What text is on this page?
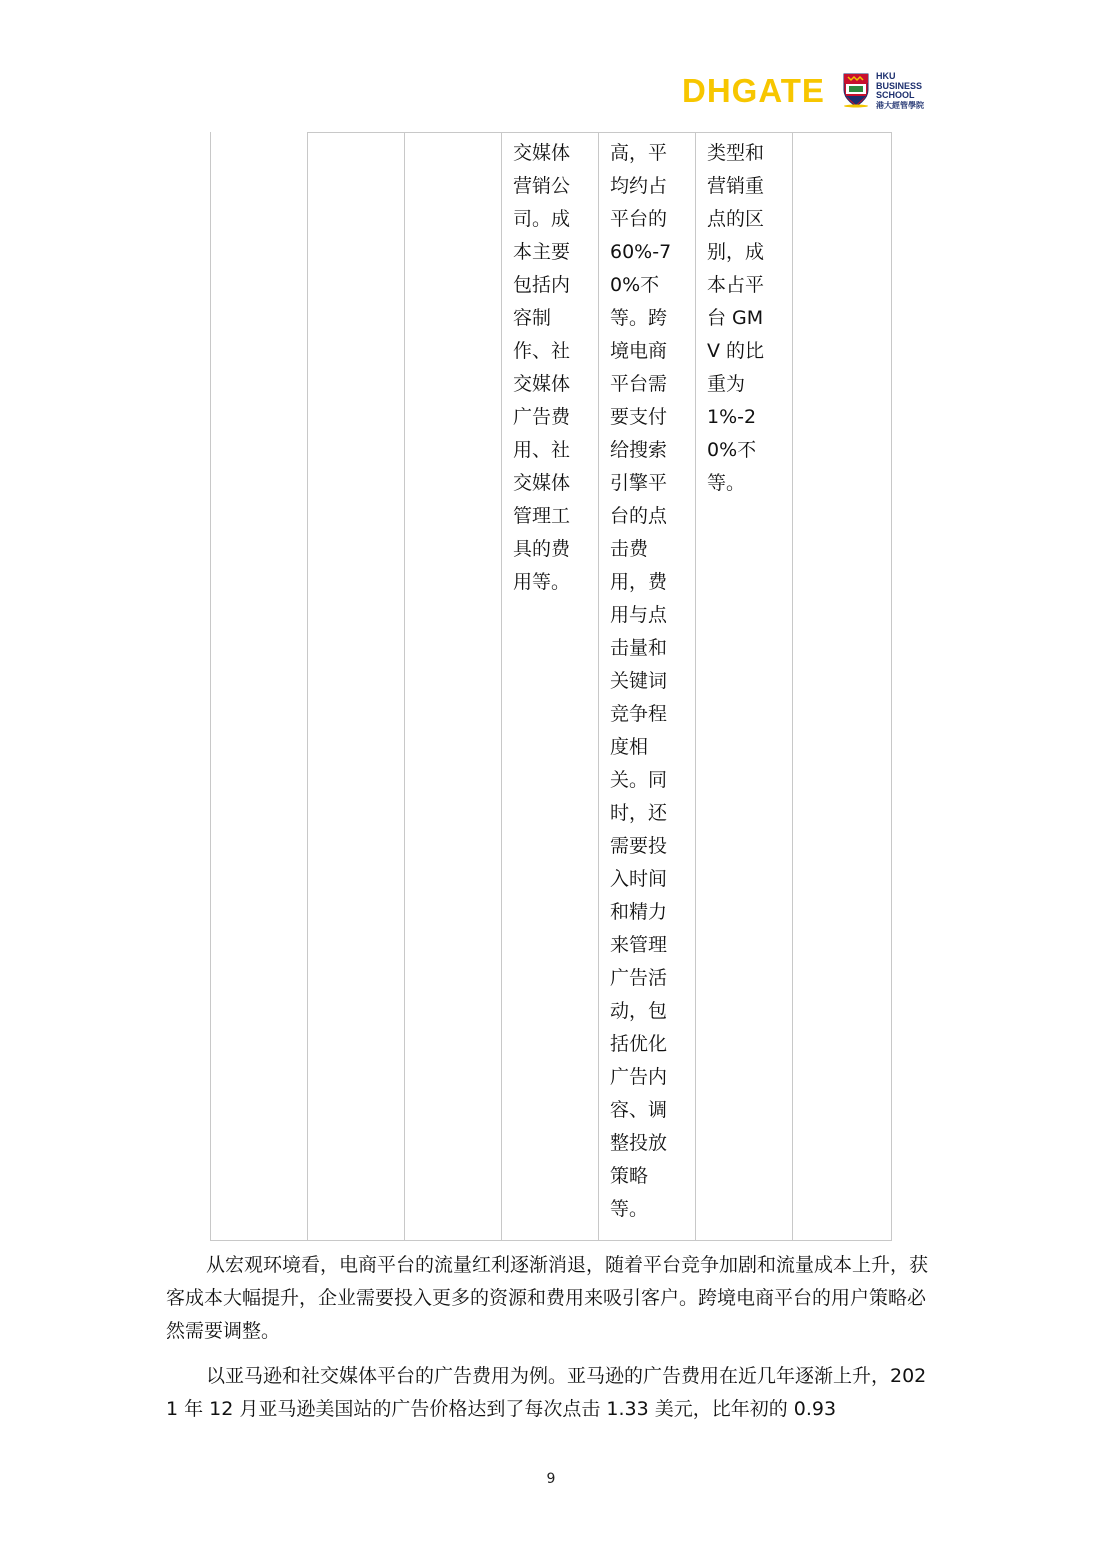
DHGATE	HKU
BUSINESS
SCHOOL
港大經管學院
交媒体营销公司。成本主要包括内容制作、社交媒体广告费用、社交媒体管理工具的费用等。
高，平均约占平台的60%-70%不等。跨境电商平台需要支付给搜索引擎平台的点击费用，费用与点击量和关键词竞争程度相关。同时，还需要投入时间和精力来管理广告活动，包括优化广告内容、调整投放策略等。
类型和营销重点的区别，成本占平台 GMV 的比重为 1%-20%不等。

从宏观环境看，电商平台的流量红利逐渐消退，随着平台竞争加剧和流量成本上升，获客成本大幅提升，企业需要投入更多的资源和费用来吸引客户。跨境电商平台的用户策略必然需要调整。

以亚马逊和社交媒体平台的广告费用为例。亚马逊的广告费用在近几年逐渐上升，2021 年 12 月亚马逊美国站的广告价格达到了每次点击 1.33 美元，比年初的 0.93

9
